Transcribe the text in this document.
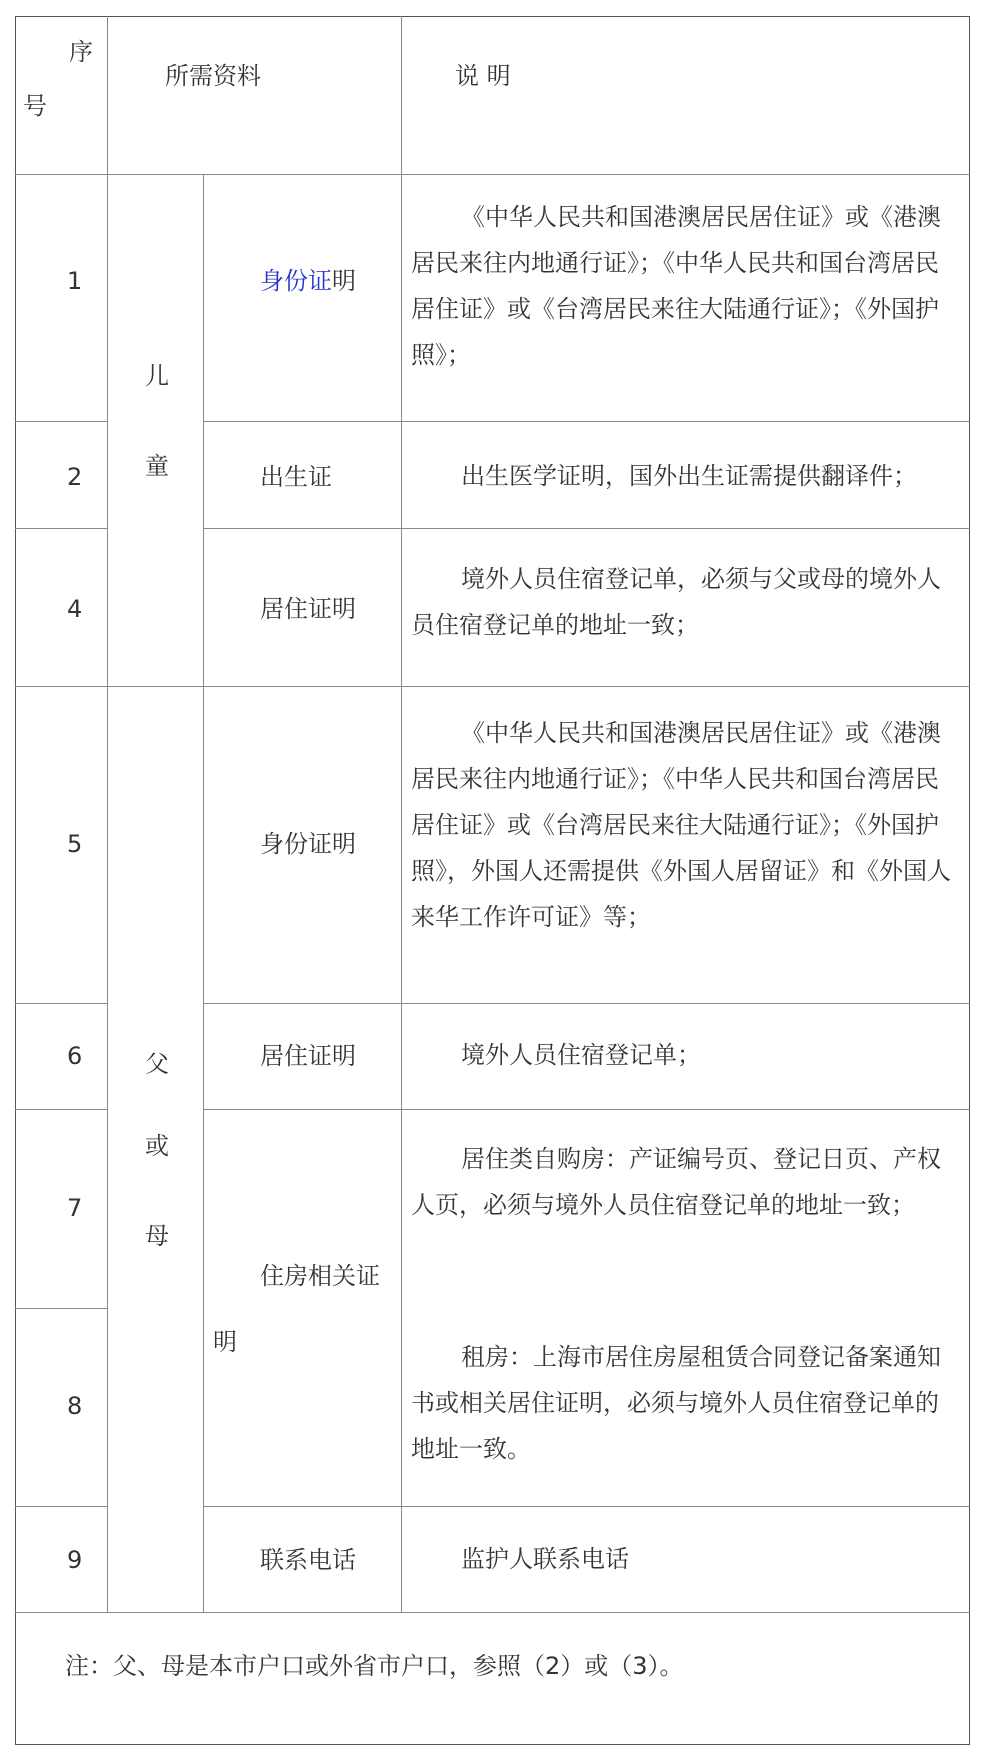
序
号
所需资料	说 明
1
2
4
5
6
7
8
9
儿
童
父
或
母
身份证明
出生证
居住证明
身份证明
居住证明
住房相关证
明
联系电话
《中华人民共和国港澳居民居住证》或《港澳居民来往内地通行证》；《中华人民共和国台湾居民居住证》或《台湾居民来往大陆通行证》；《外国护照》；
出生医学证明，国外出生证需提供翻译件；
境外人员住宿登记单，必须与父或母的境外人员住宿登记单的地址一致；
《中华人民共和国港澳居民居住证》或《港澳居民来往内地通行证》；《中华人民共和国台湾居民居住证》或《台湾居民来往大陆通行证》；《外国护照》，外国人还需提供《外国人居留证》和《外国人来华工作许可证》等；
境外人员住宿登记单；
居住类自购房：产证编号页、登记日页、产权人页，必须与境外人员住宿登记单的地址一致；
租房：上海市居住房屋租赁合同登记备案通知书或相关居住证明，必须与境外人员住宿登记单的地址一致。
监护人联系电话
注：父、母是本市户口或外省市户口，参照（2）或（3）。
